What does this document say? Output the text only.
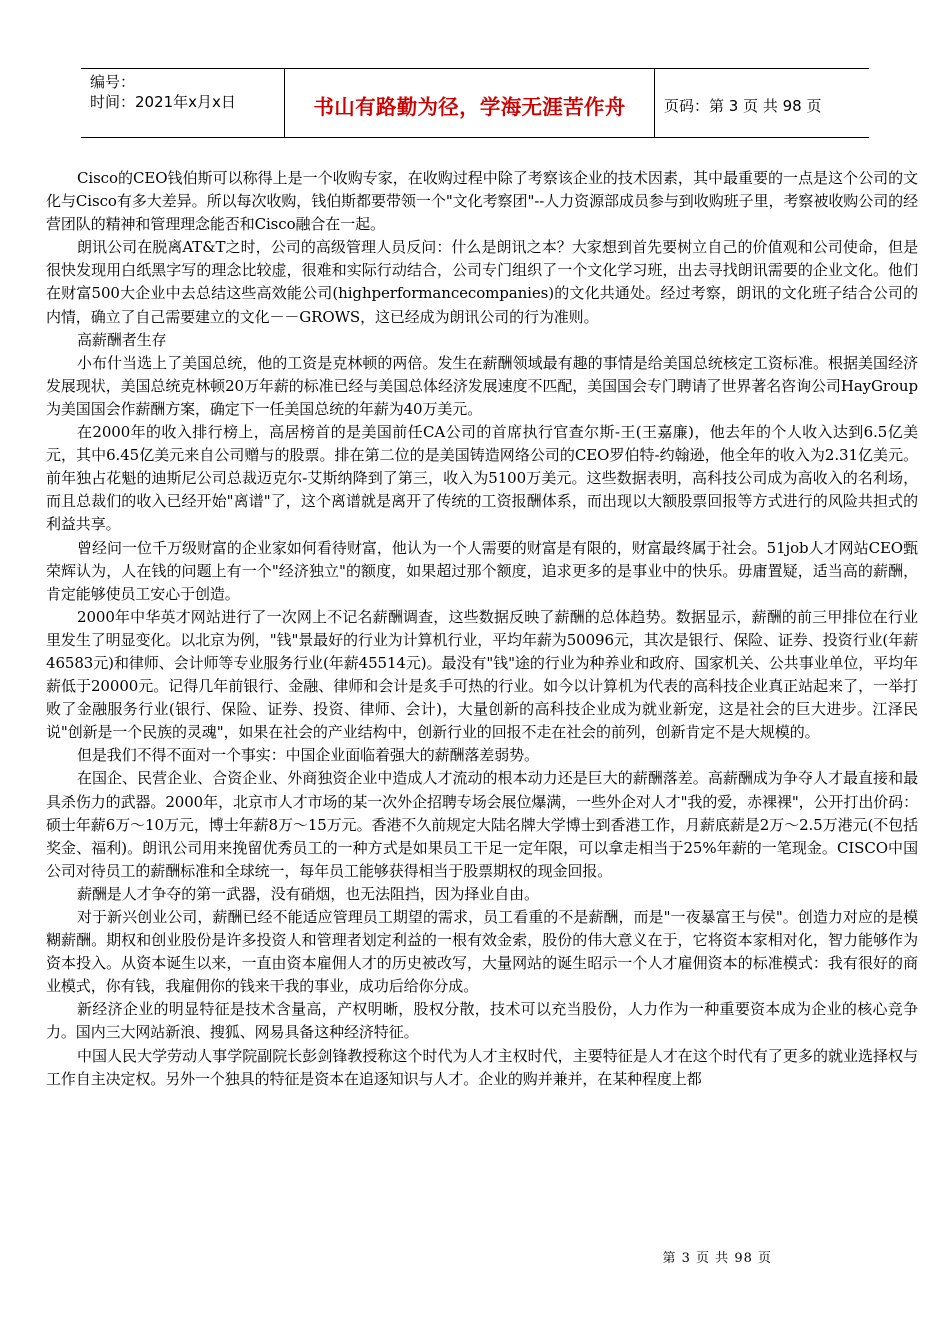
编号：
时间：2021年x月x日	书山有路勤为径，学海无涯苦作舟	页码：第 3 页 共 98 页

Cisco的CEO钱伯斯可以称得上是一个收购专家，在收购过程中除了考察该企业的技术因素，其中最重要的一点是这个公司的文化与Cisco有多大差异。所以每次收购，钱伯斯都要带领一个"文化考察团"--人力资源部成员参与到收购班子里，考察被收购公司的经营团队的精神和管理理念能否和Cisco融合在一起。

朗讯公司在脱离AT&T之时，公司的高级管理人员反问：什么是朗讯之本？大家想到首先要树立自己的价值观和公司使命，但是很快发现用白纸黑字写的理念比较虚，很难和实际行动结合，公司专门组织了一个文化学习班，出去寻找朗讯需要的企业文化。他们在财富500大企业中去总结这些高效能公司(highperformancecompanies)的文化共通处。经过考察，朗讯的文化班子结合公司的内情，确立了自己需要建立的文化－－GROWS，这已经成为朗讯公司的行为准则。

高薪酬者生存

小布什当选上了美国总统，他的工资是克林顿的两倍。发生在薪酬领域最有趣的事情是给美国总统核定工资标准。根据美国经济发展现状，美国总统克林顿20万年薪的标准已经与美国总体经济发展速度不匹配，美国国会专门聘请了世界著名咨询公司HayGroup为美国国会作薪酬方案，确定下一任美国总统的年薪为40万美元。

在2000年的收入排行榜上，高居榜首的是美国前任CA公司的首席执行官查尔斯-王(王嘉廉)，他去年的个人收入达到6.5亿美元，其中6.45亿美元来自公司赠与的股票。排在第二位的是美国铸造网络公司的CEO罗伯特-约翰逊，他全年的收入为2.31亿美元。前年独占花魁的迪斯尼公司总裁迈克尔-艾斯纳降到了第三，收入为5100万美元。这些数据表明，高科技公司成为高收入的名利场，而且总裁们的收入已经开始"离谱"了，这个离谱就是离开了传统的工资报酬体系，而出现以大额股票回报等方式进行的风险共担式的利益共享。

曾经问一位千万级财富的企业家如何看待财富，他认为一个人需要的财富是有限的，财富最终属于社会。51job人才网站CEO甄荣辉认为，人在钱的问题上有一个"经济独立"的额度，如果超过那个额度，追求更多的是事业中的快乐。毋庸置疑，适当高的薪酬，肯定能够使员工安心于创造。

2000年中华英才网站进行了一次网上不记名薪酬调查，这些数据反映了薪酬的总体趋势。数据显示，薪酬的前三甲排位在行业里发生了明显变化。以北京为例，"钱"景最好的行业为计算机行业，平均年薪为50096元，其次是银行、保险、证券、投资行业(年薪46583元)和律师、会计师等专业服务行业(年薪45514元)。最没有"钱"途的行业为种养业和政府、国家机关、公共事业单位，平均年薪低于20000元。记得几年前银行、金融、律师和会计是炙手可热的行业。如今以计算机为代表的高科技企业真正站起来了，一举打败了金融服务行业(银行、保险、证券、投资、律师、会计)，大量创新的高科技企业成为就业新宠，这是社会的巨大进步。江泽民说"创新是一个民族的灵魂"，如果在社会的产业结构中，创新行业的回报不走在社会的前列，创新肯定不是大规模的。

但是我们不得不面对一个事实：中国企业面临着强大的薪酬落差弱势。

在国企、民营企业、合资企业、外商独资企业中造成人才流动的根本动力还是巨大的薪酬落差。高薪酬成为争夺人才最直接和最具杀伤力的武器。2000年，北京市人才市场的某一次外企招聘专场会展位爆满，一些外企对人才"我的爱，赤裸裸"，公开打出价码：硕士年薪6万～10万元，博士年薪8万～15万元。香港不久前规定大陆名牌大学博士到香港工作，月薪底薪是2万～2.5万港元(不包括奖金、福利)。朗讯公司用来挽留优秀员工的一种方式是如果员工干足一定年限，可以拿走相当于25%年薪的一笔现金。CISCO中国公司对待员工的薪酬标准和全球统一，每年员工能够获得相当于股票期权的现金回报。

薪酬是人才争夺的第一武器，没有硝烟，也无法阻挡，因为择业自由。

对于新兴创业公司，薪酬已经不能适应管理员工期望的需求，员工看重的不是薪酬，而是"一夜暴富王与侯"。创造力对应的是模糊薪酬。期权和创业股份是许多投资人和管理者划定利益的一根有效金索，股份的伟大意义在于，它将资本家相对化，智力能够作为资本投入。从资本诞生以来，一直由资本雇佣人才的历史被改写，大量网站的诞生昭示一个人才雇佣资本的标准模式：我有很好的商业模式，你有钱，我雇佣你的钱来干我的事业，成功后给你分成。

新经济企业的明显特征是技术含量高，产权明晰，股权分散，技术可以充当股份，人力作为一种重要资本成为企业的核心竞争力。国内三大网站新浪、搜狐、网易具备这种经济特征。

中国人民大学劳动人事学院副院长彭剑锋教授称这个时代为人才主权时代，主要特征是人才在这个时代有了更多的就业选择权与工作自主决定权。另外一个独具的特征是资本在追逐知识与人才。企业的购并兼并，在某种程度上都

第 3 页 共 98 页
